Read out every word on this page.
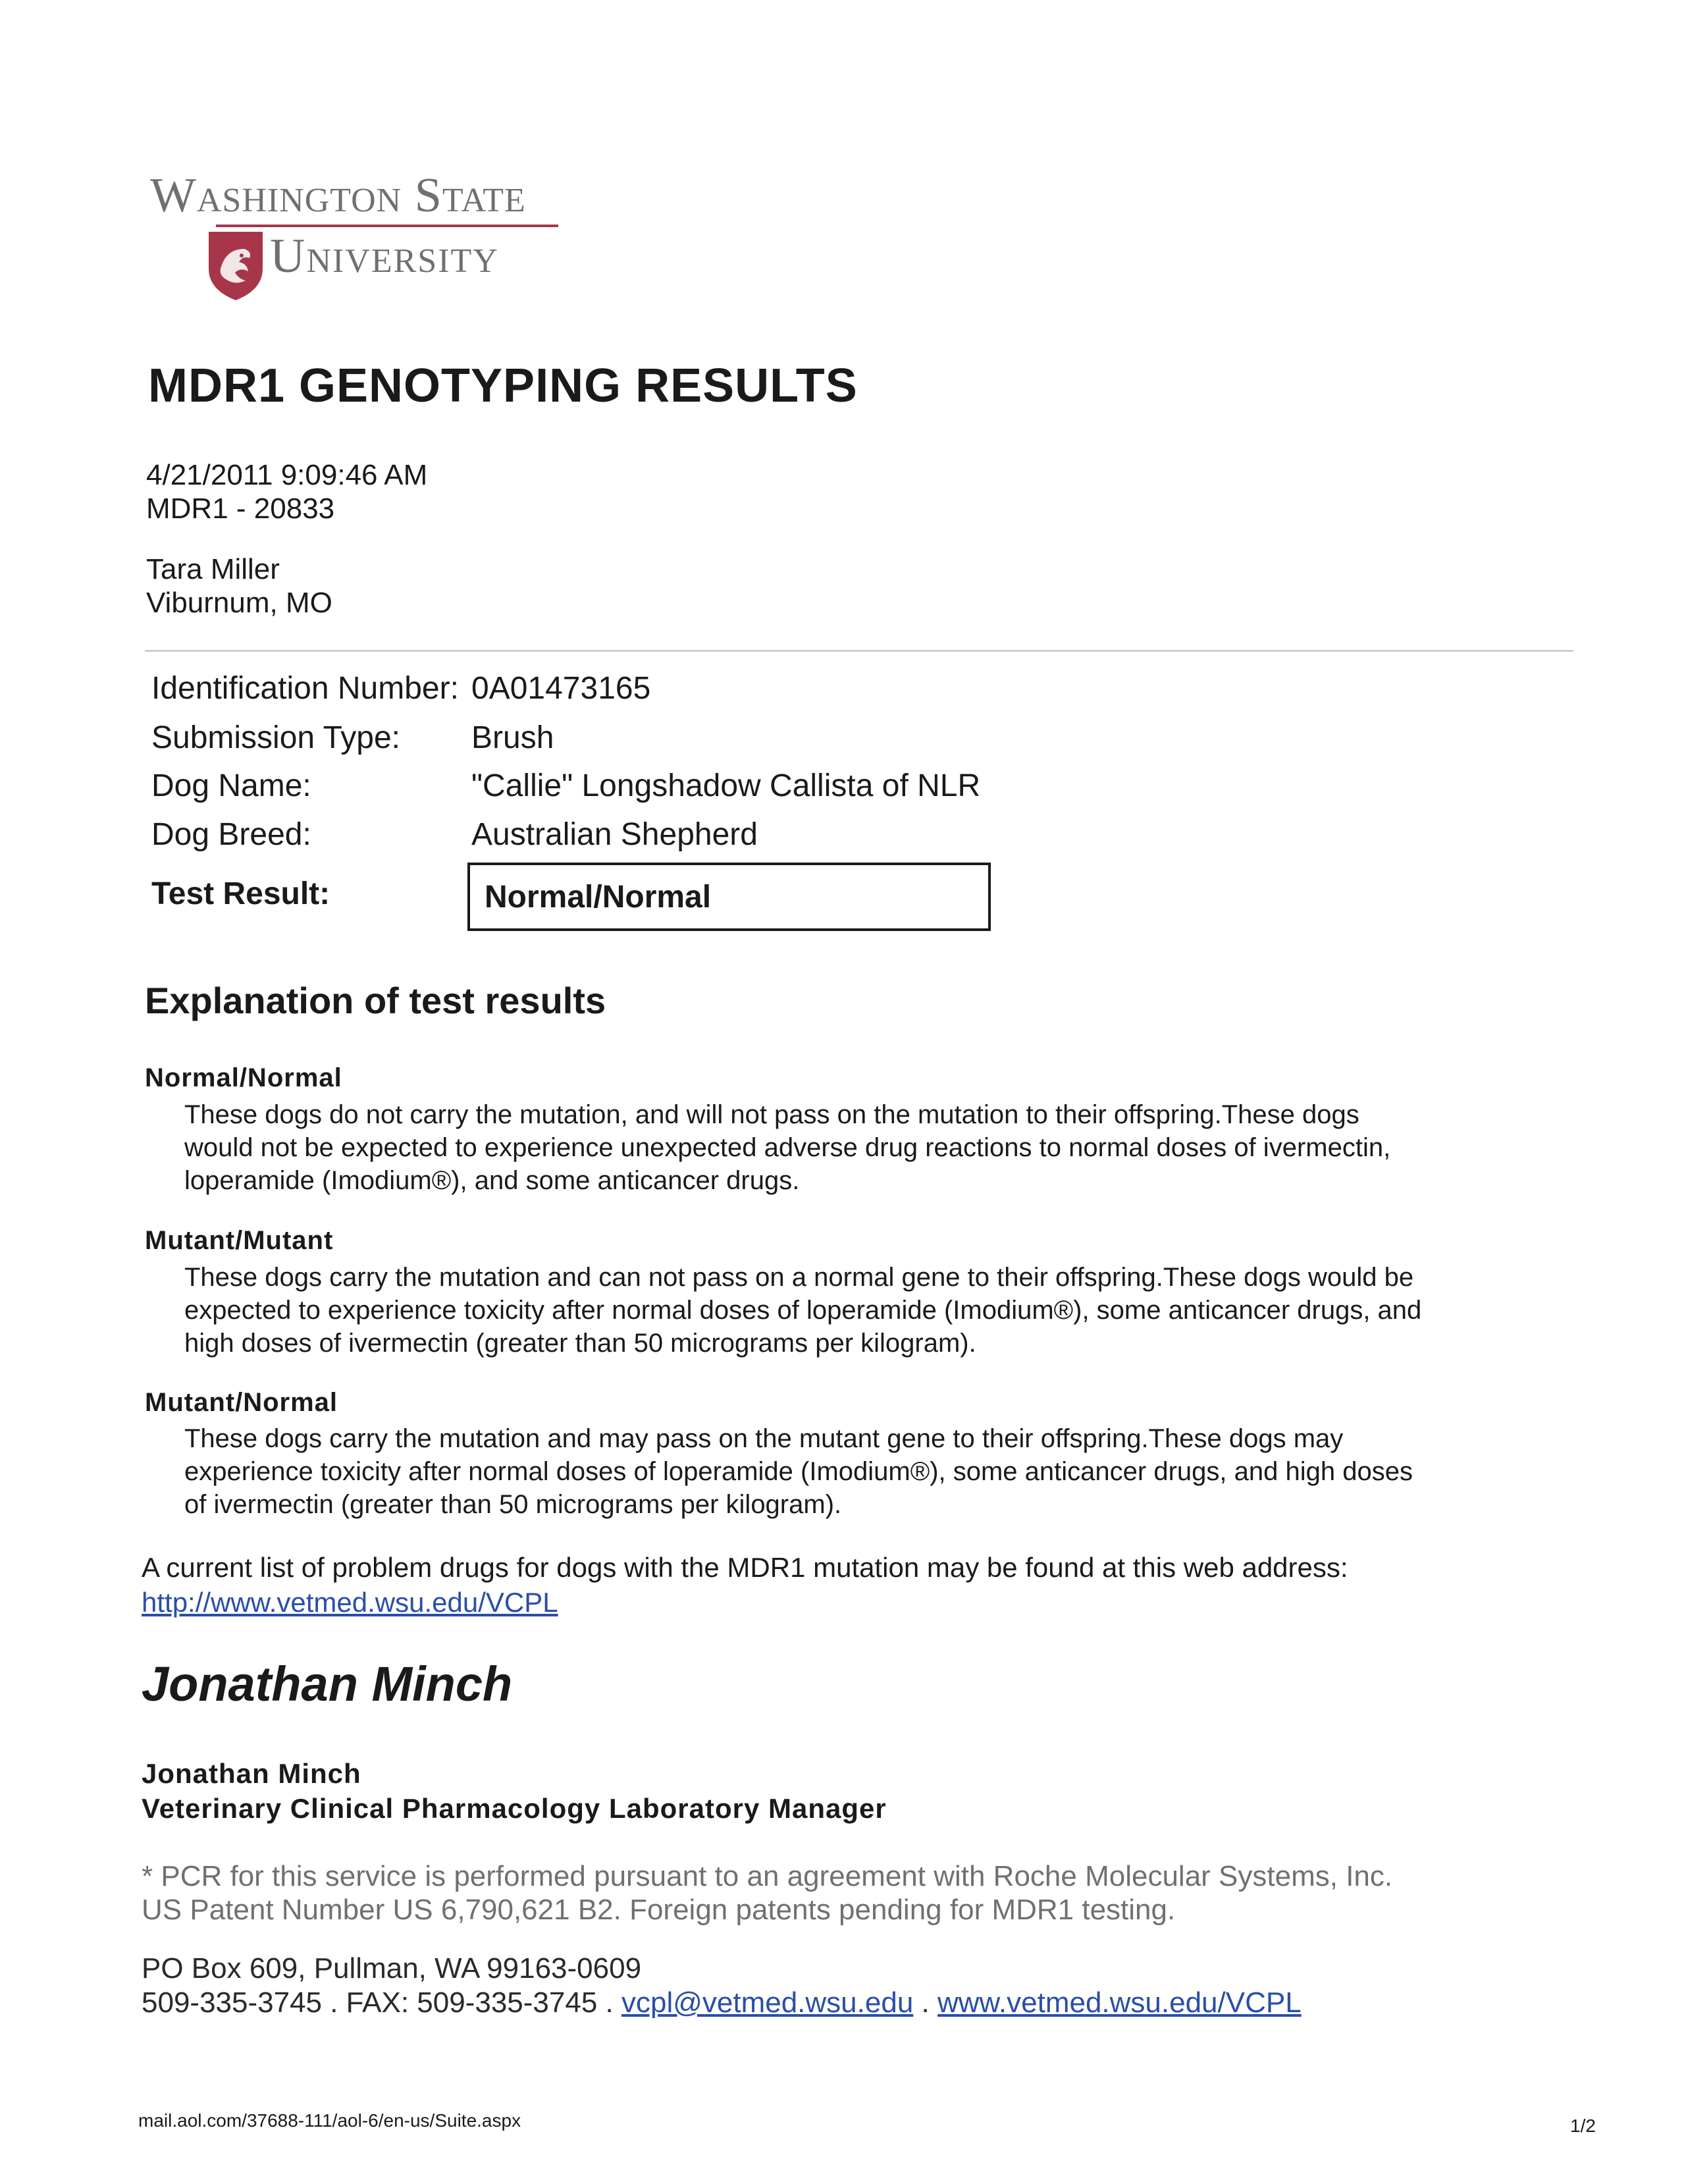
Washington State
University
MDR1 GENOTYPING RESULTS
4/21/2011 9:09:46 AM
MDR1 - 20833
Tara Miller
Viburnum, MO
Identification Number: 0A01473165
Submission Type: Brush
Dog Name:	"Callie" Longshadow Callista of NLR
Dog Breed:	Australian Shepherd
Test Result:	Normal/Normal
Explanation of test results
Normal/Normal
These dogs do not carry the mutation, and will not pass on the mutation to their offspring.These dogs
would not be expected to experience unexpected adverse drug reactions to normal doses of ivermectin,
loperamide (Imodium®), and some anticancer drugs.
Mutant/Mutant
These dogs carry the mutation and can not pass on a normal gene to their offspring.These dogs would be
expected to experience toxicity after normal doses of loperamide (Imodium®), some anticancer drugs, and
high doses of ivermectin (greater than 50 micrograms per kilogram).
Mutant/Normal
These dogs carry the mutation and may pass on the mutant gene to their offspring.These dogs may
experience toxicity after normal doses of loperamide (Imodium®), some anticancer drugs, and high doses
of ivermectin (greater than 50 micrograms per kilogram).
A current list of problem drugs for dogs with the MDR1 mutation may be found at this web address:
http://www.vetmed.wsu.edu/VCPL
Jonathan Minch
Jonathan Minch
Veterinary Clinical Pharmacology Laboratory Manager
* PCR for this service is performed pursuant to an agreement with Roche Molecular Systems, Inc.
US Patent Number US 6,790,621 B2. Foreign patents pending for MDR1 testing.
PO Box 609, Pullman, WA 99163-0609
509-335-3745 . FAX: 509-335-3745 . vcpl@vetmed.wsu.edu . www.vetmed.wsu.edu/VCPL
mail.aol.com/37688-111/aol-6/en-us/Suite.aspx	1/2
